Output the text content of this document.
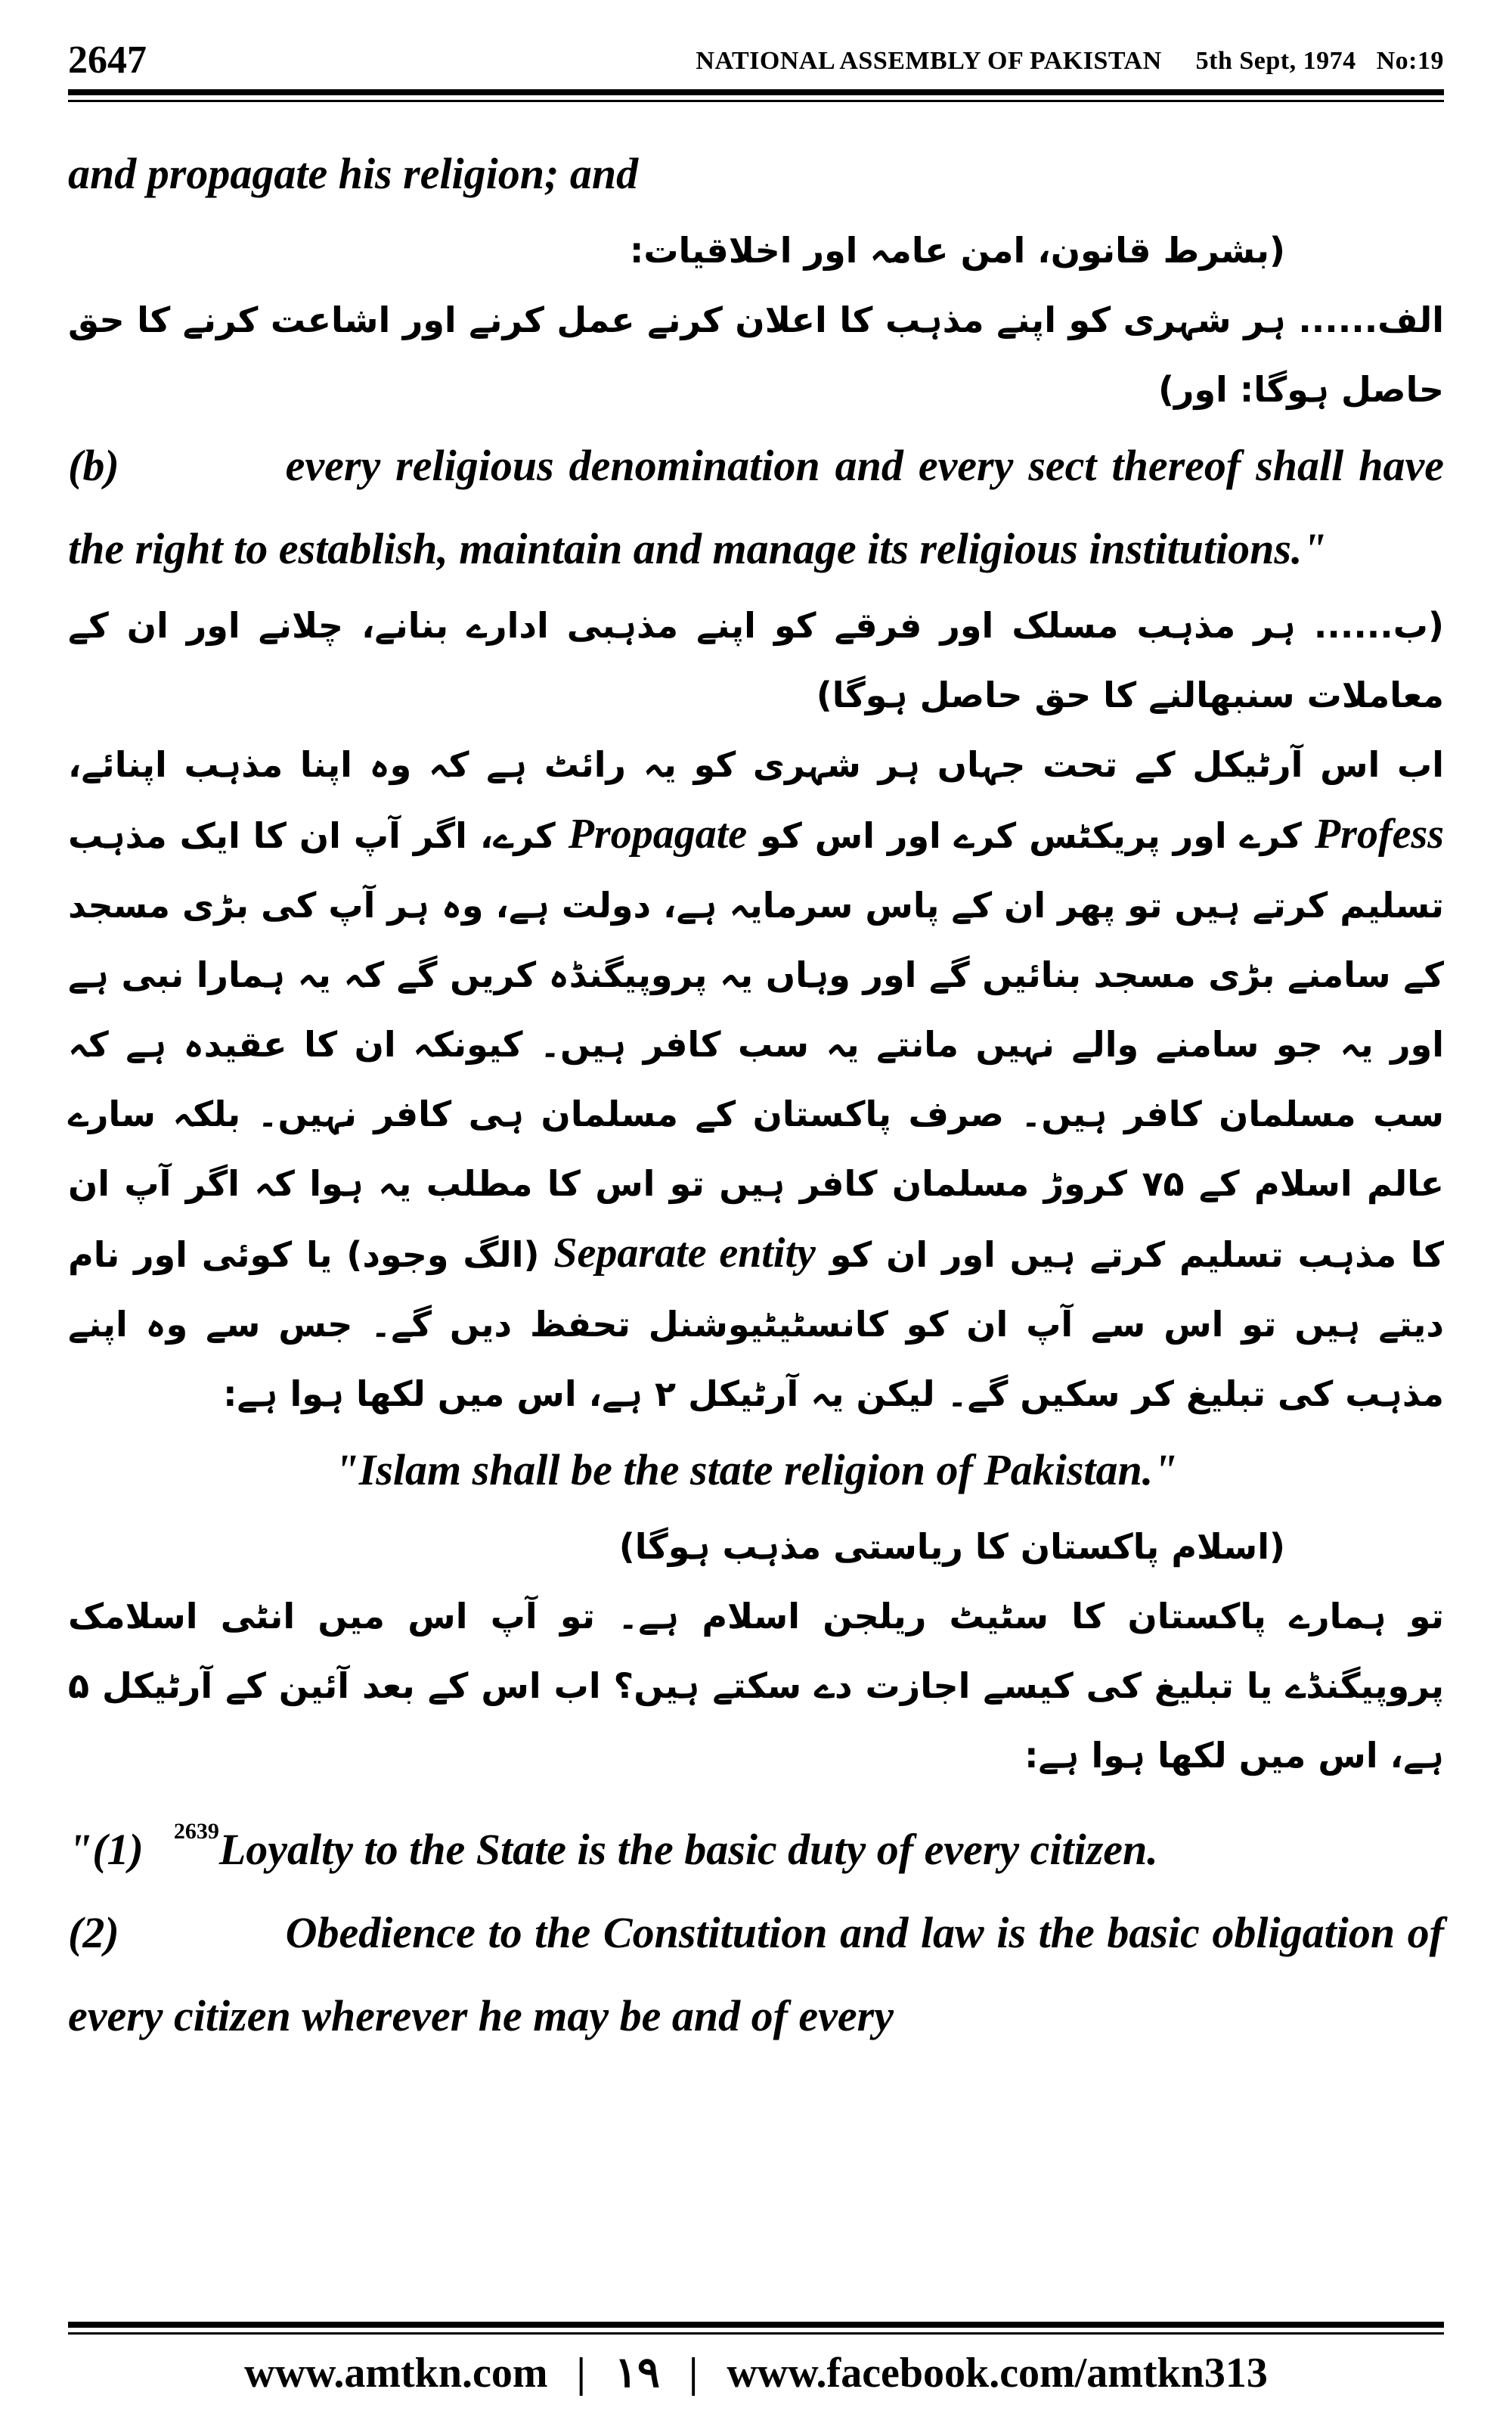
2647	NATIONAL ASSEMBLY OF PAKISTAN     5th Sept, 1974   No:19

and propagate his religion; and

(بشرط قانون، امن عامہ اور اخلاقیات:

الف...... ہر شہری کو اپنے مذہب کا اعلان کرنے عمل کرنے اور اشاعت کرنے کا حق حاصل ہوگا: اور)

(b)	every religious denomination and every sect thereof shall have the right to establish, maintain and manage its religious institutions."

(ب...... ہر مذہب مسلک اور فرقے کو اپنے مذہبی ادارے بنانے، چلانے اور ان کے معاملات سنبھالنے کا حق حاصل ہوگا)

اب اس آرٹیکل کے تحت جہاں ہر شہری کو یہ رائٹ ہے کہ وہ اپنا مذہب اپنائے، Profess کرے اور پریکٹس کرے اور اس کو Propagate کرے، اگر آپ ان کا ایک مذہب تسلیم کرتے ہیں تو پھر ان کے پاس سرمایہ ہے، دولت ہے، وہ ہر آپ کی بڑی مسجد کے سامنے بڑی مسجد بنائیں گے اور وہاں یہ پروپیگنڈہ کریں گے کہ یہ ہمارا نبی ہے اور یہ جو سامنے والے نہیں مانتے یہ سب کافر ہیں۔ کیونکہ ان کا عقیدہ ہے کہ سب مسلمان کافر ہیں۔ صرف پاکستان کے مسلمان ہی کافر نہیں۔ بلکہ سارے عالم اسلام کے ۷۵ کروڑ مسلمان کافر ہیں تو اس کا مطلب یہ ہوا کہ اگر آپ ان کا مذہب تسلیم کرتے ہیں اور ان کو Separate entity (الگ وجود) یا کوئی اور نام دیتے ہیں تو اس سے آپ ان کو کانسٹیٹیوشنل تحفظ دیں گے۔ جس سے وہ اپنے مذہب کی تبلیغ کر سکیں گے۔ لیکن یہ آرٹیکل ۲ ہے، اس میں لکھا ہوا ہے:

"Islam shall be the state religion of Pakistan."

(اسلام پاکستان کا ریاستی مذہب ہوگا)

تو ہمارے پاکستان کا سٹیٹ ریلجن اسلام ہے۔ تو آپ اس میں انٹی اسلامک پروپیگنڈے یا تبلیغ کی کیسے اجازت دے سکتے ہیں؟ اب اس کے بعد آئین کے آرٹیکل ۵ ہے، اس میں لکھا ہوا ہے:

"(1) $^{2639}$Loyalty to the State is the basic duty of every citizen.

(2)	Obedience to the Constitution and law is the basic obligation of every citizen wherever he may be and of every

www.amtkn.com | ۱۹ | www.facebook.com/amtkn313
